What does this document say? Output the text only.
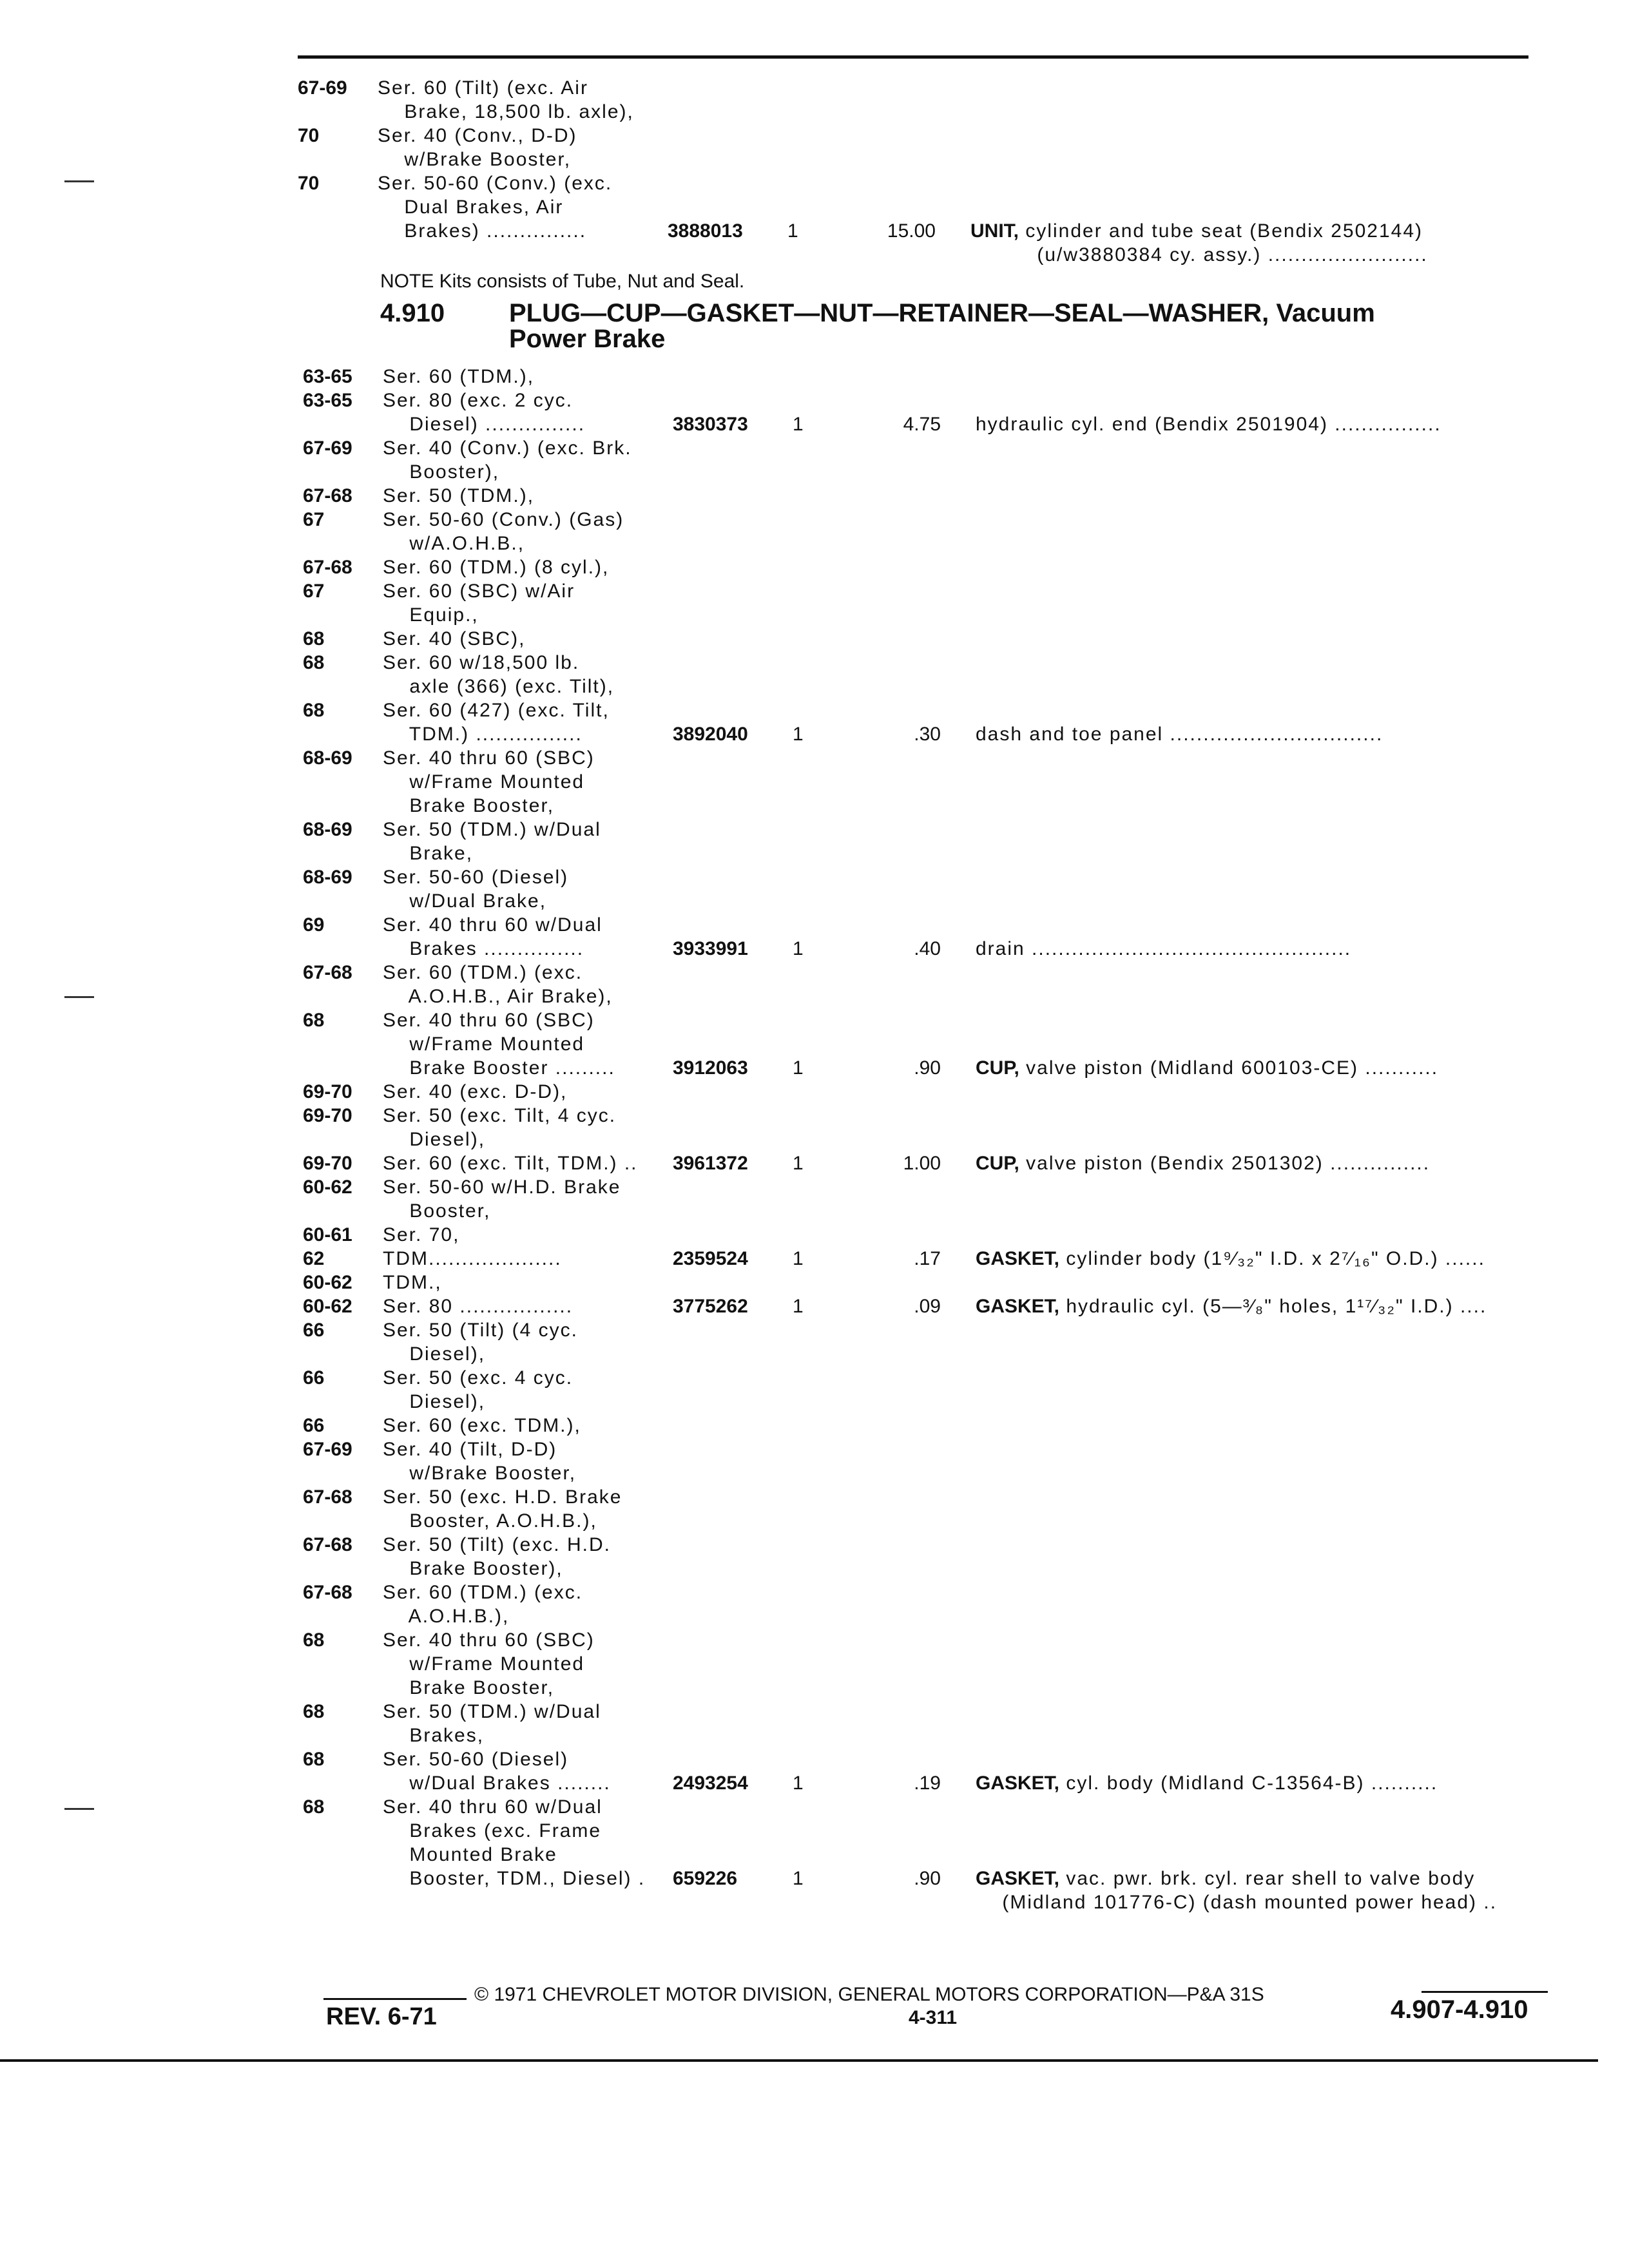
67-69	Ser. 60 (Tilt) (exc. Air
Brake, 18,500 lb. axle),
70	Ser. 40 (Conv., D-D)
w/Brake Booster,
70	Ser. 50-60 (Conv.) (exc.
Dual Brakes, Air
Brakes) ...............	3888013 1	15.00 UNIT, cylinder and tube seat (Bendix 2502144)
(u/w3880384 cy. assy.) ........................
NOTE Kits consists of Tube, Nut and Seal.
4.910 PLUG—CUP—GASKET—NUT—RETAINER—SEAL—WASHER, Vacuum
Power Brake
63-65	Ser. 60 (TDM.),
63-65	Ser. 80 (exc. 2 cyc.
Diesel) ...............	3830373 1	4.75 hydraulic cyl. end (Bendix 2501904) ................
67-69	Ser. 40 (Conv.) (exc. Brk.
Booster),
67-68	Ser. 50 (TDM.),
67	Ser. 50-60 (Conv.) (Gas)
w/A.O.H.B.,
67-68	Ser. 60 (TDM.) (8 cyl.),
67	Ser. 60 (SBC) w/Air
Equip.,
68	Ser. 40 (SBC),
68	Ser. 60 w/18,500 lb.
axle (366) (exc. Tilt),
68	Ser. 60 (427) (exc. Tilt,
TDM.) ................	3892040 1	.30 dash and toe panel ................................
68-69	Ser. 40 thru 60 (SBC)
w/Frame Mounted
Brake Booster,
68-69	Ser. 50 (TDM.) w/Dual
Brake,
68-69	Ser. 50-60 (Diesel)
w/Dual Brake,
69	Ser. 40 thru 60 w/Dual
Brakes ...............	3933991 1	.40 drain ................................................
67-68	Ser. 60 (TDM.) (exc.
A.O.H.B., Air Brake),
68	Ser. 40 thru 60 (SBC)
w/Frame Mounted
Brake Booster .........	3912063 1	.90 CUP, valve piston (Midland 600103-CE) ...........
69-70	Ser. 40 (exc. D-D),
69-70	Ser. 50 (exc. Tilt, 4 cyc.
Diesel),
69-70	Ser. 60 (exc. Tilt, TDM.) .. 3961372 1	1.00 CUP, valve piston (Bendix 2501302) ...............
60-62	Ser. 50-60 w/H.D. Brake
Booster,
60-61	Ser. 70,
62	TDM....................	2359524 1	.17 GASKET, cylinder body (1⁹⁄₃₂" I.D. x 2⁷⁄₁₆" O.D.) ......
60-62	TDM.,
60-62	Ser. 80 .................	3775262 1	.09 GASKET, hydraulic cyl. (5—³⁄₈" holes, 1¹⁷⁄₃₂" I.D.) ....
66	Ser. 50 (Tilt) (4 cyc.
Diesel),
66	Ser. 50 (exc. 4 cyc.
Diesel),
66	Ser. 60 (exc. TDM.),
67-69	Ser. 40 (Tilt, D-D)
w/Brake Booster,
67-68	Ser. 50 (exc. H.D. Brake
Booster, A.O.H.B.),
67-68	Ser. 50 (Tilt) (exc. H.D.
Brake Booster),
67-68	Ser. 60 (TDM.) (exc.
A.O.H.B.),
68	Ser. 40 thru 60 (SBC)
w/Frame Mounted
Brake Booster,
68	Ser. 50 (TDM.) w/Dual
Brakes,
68	Ser. 50-60 (Diesel)
w/Dual Brakes ........	2493254 1	.19 GASKET, cyl. body (Midland C-13564-B) ..........
68	Ser. 40 thru 60 w/Dual
Brakes (exc. Frame
Mounted Brake
Booster, TDM., Diesel) . 659226	1	.90 GASKET, vac. pwr. brk. cyl. rear shell to valve body
(Midland 101776-C) (dash mounted power head) ..
© 1971 CHEVROLET MOTOR DIVISION, GENERAL MOTORS CORPORATION—P&A 31S
REV. 6-71	4-311	4.907-4.910
